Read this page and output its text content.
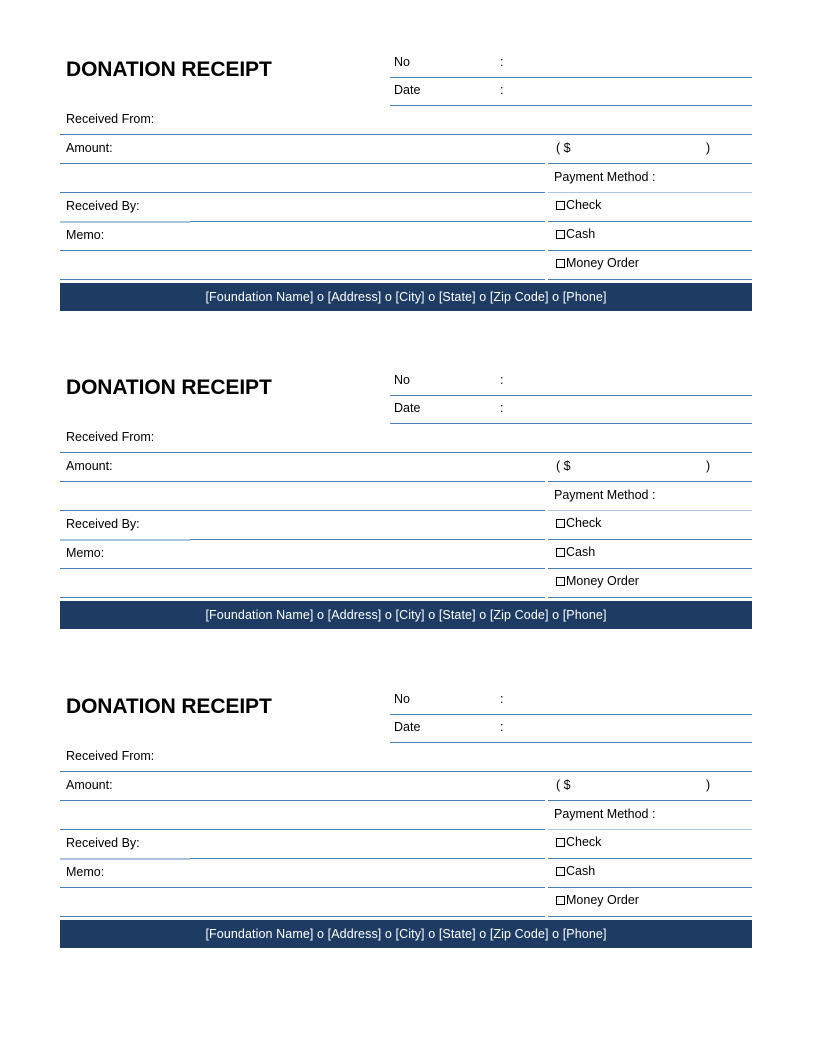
DONATION RECEIPT	No	:
Date	:
Received From:
Amount:	( $	)
Payment Method :
Received By:	Check
Memo:	Cash
Money Order
[Foundation Name] o [Address] o [City] o [State] o [Zip Code] o [Phone]
DONATION RECEIPT	No	:
Date	:
Received From:
Amount:	( $	)
Payment Method :
Received By:	Check
Memo:	Cash
Money Order
[Foundation Name] o [Address] o [City] o [State] o [Zip Code] o [Phone]
DONATION RECEIPT	No	:
Date	:
Received From:
Amount:	( $	)
Payment Method :
Received By:	Check
Memo:	Cash
Money Order
[Foundation Name] o [Address] o [City] o [State] o [Zip Code] o [Phone]
